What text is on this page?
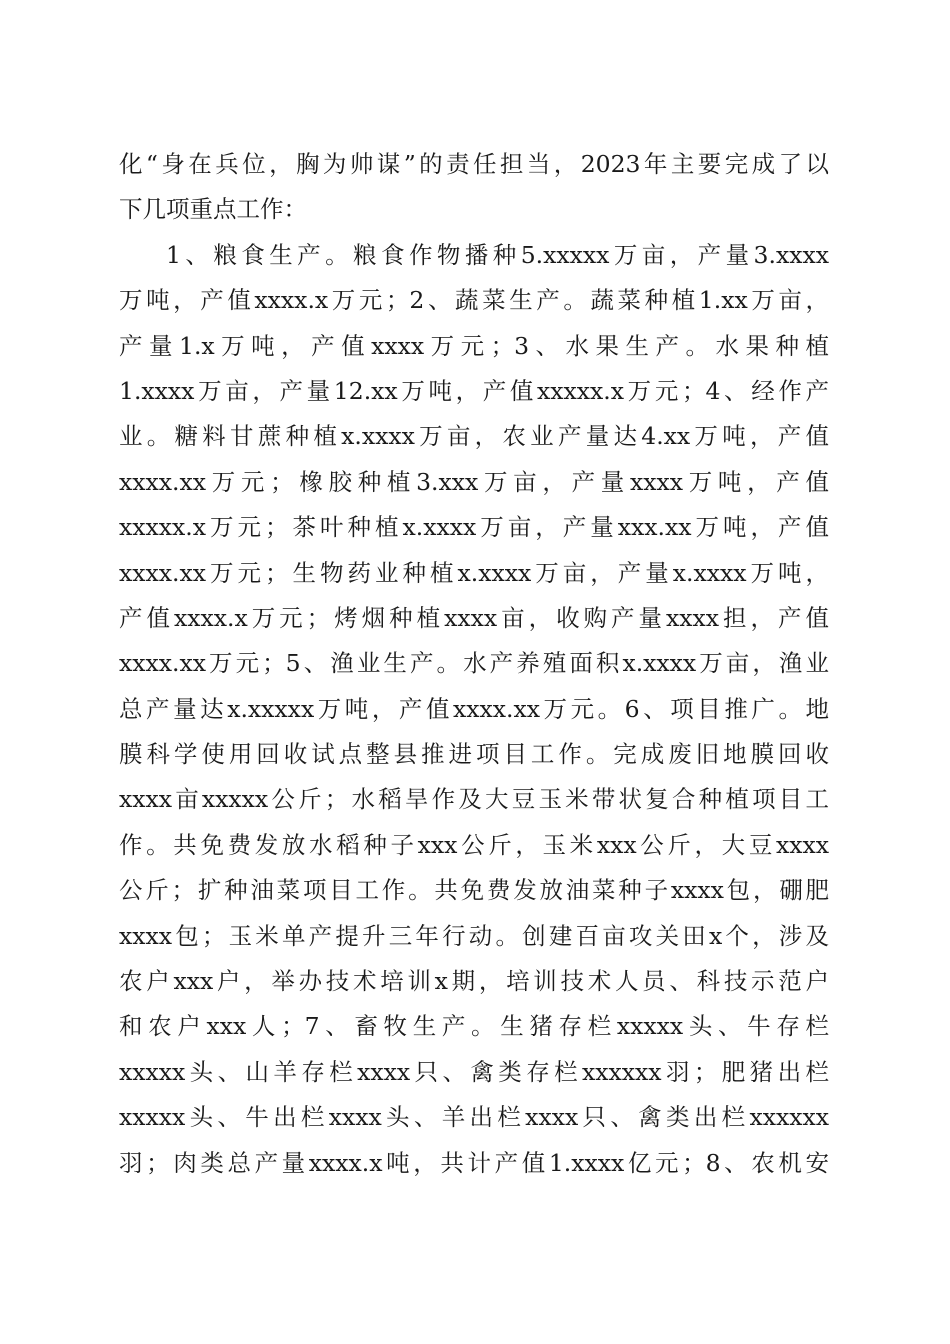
化“身在兵位，胸为帅谋”的责任担当，2023年主要完成了以
下几项重点工作：
1、粮食生产。粮食作物播种5.xxxxx万亩，产量3.xxxx
万吨，产值xxxx.x万元；2、蔬菜生产。蔬菜种植1.xx万亩，
产量1.x万吨，产值xxxx万元；3、水果生产。水果种植
1.xxxx万亩，产量12.xx万吨，产值xxxxx.x万元；4、经作产
业。糖料甘蔗种植x.xxxx万亩，农业产量达4.xx万吨，产值
xxxx.xx万元；橡胶种植3.xxx万亩，产量xxxx万吨，产值
xxxxx.x万元；茶叶种植x.xxxx万亩，产量xxx.xx万吨，产值
xxxx.xx万元；生物药业种植x.xxxx万亩，产量x.xxxx万吨，
产值xxxx.x万元；烤烟种植xxxx亩，收购产量xxxx担，产值
xxxx.xx万元；5、渔业生产。水产养殖面积x.xxxx万亩，渔业
总产量达x.xxxxx万吨，产值xxxx.xx万元。6、项目推广。地
膜科学使用回收试点整县推进项目工作。完成废旧地膜回收
xxxx亩xxxxx公斤；水稻旱作及大豆玉米带状复合种植项目工
作。共免费发放水稻种子xxx公斤，玉米xxx公斤，大豆xxxx
公斤；扩种油菜项目工作。共免费发放油菜种子xxxx包，硼肥
xxxx包；玉米单产提升三年行动。创建百亩攻关田x个，涉及
农户xxx户，举办技术培训x期，培训技术人员、科技示范户
和农户xxx人；7、畜牧生产。生猪存栏xxxxx头、牛存栏
xxxxx头、山羊存栏xxxx只、禽类存栏xxxxxx羽；肥猪出栏
xxxxx头、牛出栏xxxx头、羊出栏xxxx只、禽类出栏xxxxxx
羽；肉类总产量xxxx.x吨，共计产值1.xxxx亿元；8、农机安
